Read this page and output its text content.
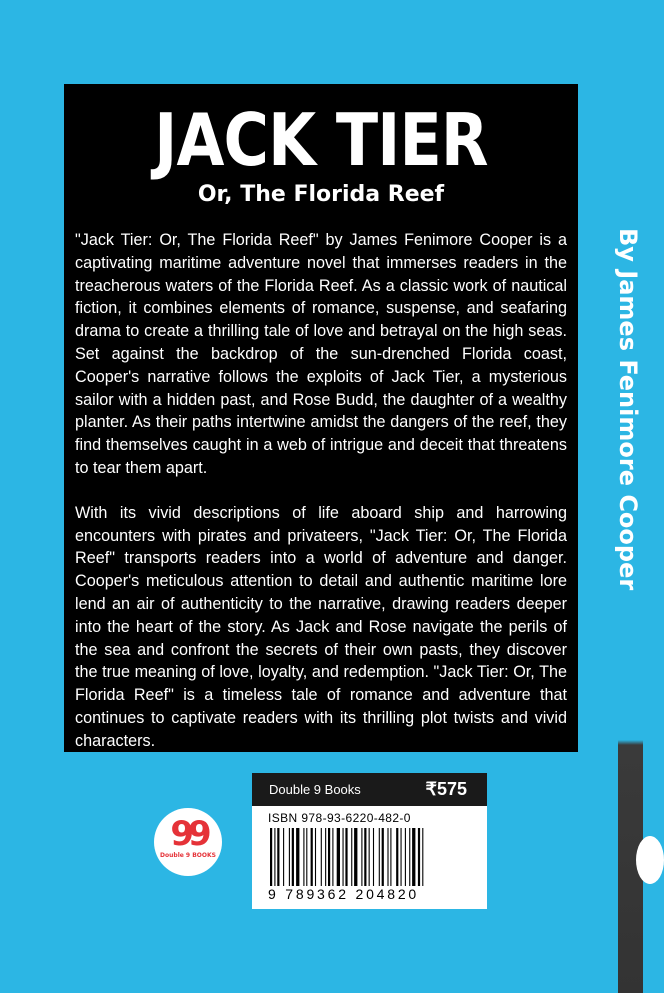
JACK TIER
Or, The Florida Reef

"Jack Tier: Or, The Florida Reef" by James Fenimore Cooper is a captivating maritime adventure novel that immerses readers in the treacherous waters of the Florida Reef. As a classic work of nautical fiction, it combines elements of romance, suspense, and seafaring drama to create a thrilling tale of love and betrayal on the high seas. Set against the backdrop of the sun-drenched Florida coast, Cooper's narrative follows the exploits of Jack Tier, a mysterious sailor with a hidden past, and Rose Budd, the daughter of a wealthy planter. As their paths intertwine amidst the dangers of the reef, they find themselves caught in a web of intrigue and deceit that threatens to tear them apart.

With its vivid descriptions of life aboard ship and harrowing encounters with pirates and privateers, "Jack Tier: Or, The Florida Reef" transports readers into a world of adventure and danger. Cooper's meticulous attention to detail and authentic maritime lore lend an air of authenticity to the narrative, drawing readers deeper into the heart of the story. As Jack and Rose navigate the perils of the sea and confront the secrets of their own pasts, they discover the true meaning of love, loyalty, and redemption. "Jack Tier: Or, The Florida Reef" is a timeless tale of romance and adventure that continues to captivate readers with its thrilling plot twists and vivid characters.

99
Double 9 BOOKS
Double 9 Books	₹575
ISBN 978-93-6220-482-0
9 789362 204820
By James Fenimore Cooper
